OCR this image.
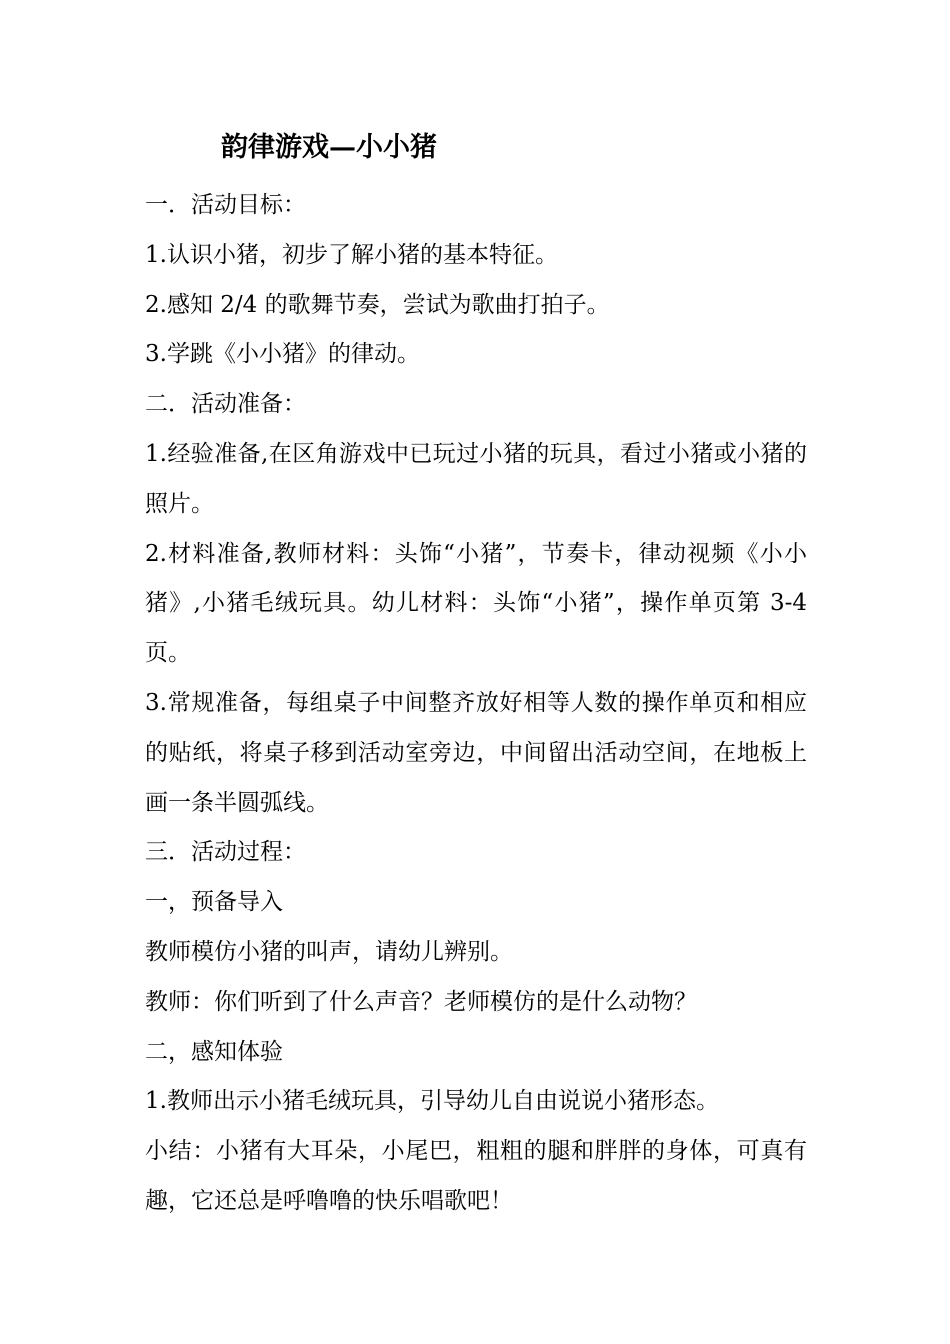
韵律游戏—小小猪

一．活动目标：

1.认识小猪，初步了解小猪的基本特征。

2.感知 2/4 的歌舞节奏，尝试为歌曲打拍子。

3.学跳《小小猪》的律动。

二．活动准备：

1.经验准备,在区角游戏中已玩过小猪的玩具，看过小猪或小猪的照片。

2.材料准备,教师材料：头饰“小猪”，节奏卡，律动视频《小小猪》,小猪毛绒玩具。幼儿材料：头饰“小猪”，操作单页第 3-4 页。

3.常规准备，每组桌子中间整齐放好相等人数的操作单页和相应的贴纸，将桌子移到活动室旁边，中间留出活动空间，在地板上画一条半圆弧线。

三．活动过程：

一，预备导入

教师模仿小猪的叫声，请幼儿辨别。

教师：你们听到了什么声音？老师模仿的是什么动物？

二，感知体验

1.教师出示小猪毛绒玩具，引导幼儿自由说说小猪形态。

小结：小猪有大耳朵，小尾巴，粗粗的腿和胖胖的身体，可真有趣，它还总是呼噜噜的快乐唱歌吧！
